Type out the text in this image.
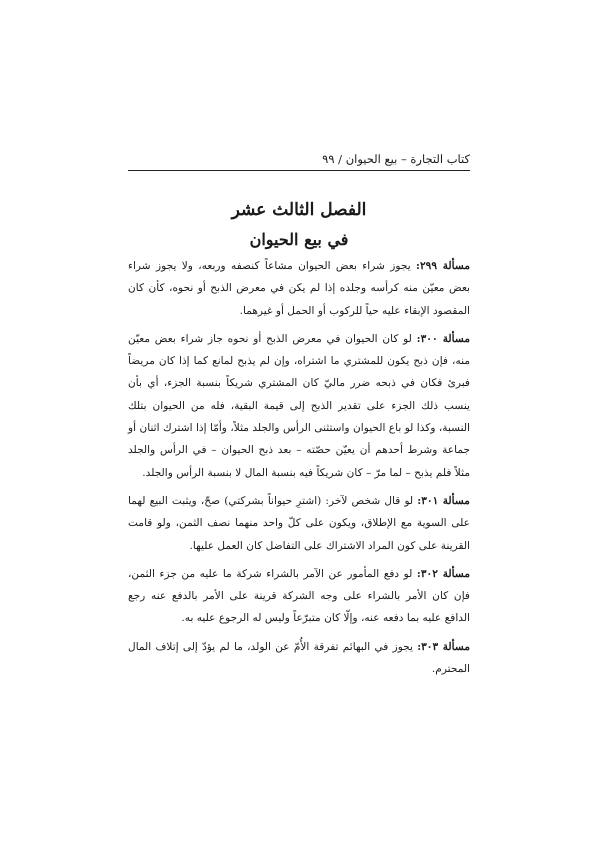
كتاب التجارة – بيع الحيوان / ٩٩
الفصل الثالث عشر
في بيع الحيوان

مسألة ٢٩٩: يجوز شراء بعض الحيوان مشاعاً كنصفه وربعه، ولا يجوز شراء بعض معيّن منه كرأسه وجلده إذا لم يكن في معرض الذبح أو نحوه، كأن كان المقصود الإبقاء عليه حياً للركوب أو الحمل أو غيرهما.

مسألة ٣٠٠: لو كان الحيوان في معرض الذبح أو نحوه جاز شراء بعض معيّن منه، فإن ذبح يكون للمشتري ما اشتراه، وإن لم يذبح لمانع كما إذا كان مريضاً فبرئ فكان في ذبحه ضرر ماليّ كان المشتري شريكاً بنسبة الجزء، أي بأن ينسب ذلك الجزء على تقدير الذبح إلى قيمة البقية، فله من الحيوان بتلك النسبة، وكذا لو باع الحيوان واستثنى الرأس والجلد مثلاً، وأمّا إذا اشترك اثنان أو جماعة وشرط أحدهم أن يعيّن حصّته – بعد ذبح الحيوان – في الرأس والجلد مثلاً فلم يذبح – لما مرّ – كان شريكاً فيه بنسبة المال لا بنسبة الرأس والجلد.

مسألة ٣٠١: لو قال شخص لآخر: (اشترِ حيواناً بشركتي) صحّ، ويثبت البيع لهما على السوية مع الإطلاق، ويكون على كلّ واحد منهما نصف الثمن، ولو قامت القرينة على كون المراد الاشتراك على التفاضل كان العمل عليها.

مسألة ٣٠٢: لو دفع المأمور عن الآمر بالشراء شركة ما عليه من جزء الثمن، فإن كان الأمر بالشراء على وجه الشركة قرينة على الأمر بالدفع عنه رجع الدافع عليه بما دفعه عنه، وإلّا كان متبرّعاً وليس له الرجوع عليه به.

مسألة ٣٠٣: يجوز في البهائم تفرقة الأُمّ عن الولد، ما لم يؤدّ إلى إتلاف المال المحترم.
